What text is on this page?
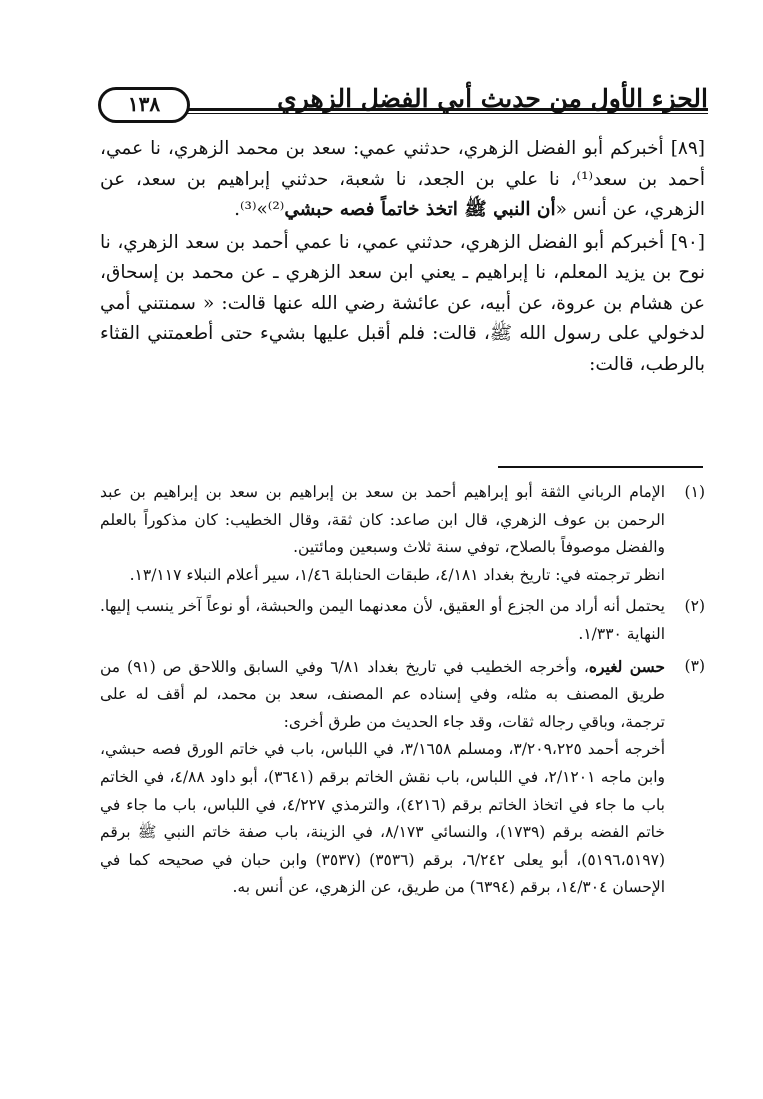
الجزء الأول من حديث أبي الفضل الزهري
١٣٨

[٨٩] أخبركم أبو الفضل الزهري، حدثني عمي: سعد بن محمد الزهري، نا عمي، أحمد بن سعد⁽¹⁾، نا علي بن الجعد، نا شعبة، حدثني إبراهيم بن سعد، عن الزهري، عن أنس «أن النبي ﷺ اتخذ خاتماً فصه حبشي⁽²⁾»⁽³⁾.

[٩٠] أخبركم أبو الفضل الزهري، حدثني عمي، نا عمي أحمد بن سعد الزهري، نا نوح بن يزيد المعلم، نا إبراهيم ـ يعني ابن سعد الزهري ـ عن محمد بن إسحاق، عن هشام بن عروة، عن أبيه، عن عائشة رضي الله عنها قالت: « سمنتني أمي لدخولي على رسول الله ﷺ، قالت: فلم أقبل عليها بشيء حتى أطعمتني القثاء بالرطب، قالت:

(١)
الإمام الرباني الثقة أبو إبراهيم أحمد بن سعد بن إبراهيم بن سعد بن إبراهيم بن عبد الرحمن بن عوف الزهري، قال ابن صاعد: كان ثقة، وقال الخطيب: كان مذكوراً بالعلم والفضل موصوفاً بالصلاح، توفي سنة ثلاث وسبعين ومائتين.
انظر ترجمته في: تاريخ بغداد ٤/١٨١، طبقات الحنابلة ١/٤٦، سير أعلام النبلاء ١٣/١١٧.
(٢)
يحتمل أنه أراد من الجزع أو العقيق، لأن معدنهما اليمن والحبشة، أو نوعاً آخر ينسب إليها. النهاية ١/٣٣٠.
(٣)
حسن لغيره، وأخرجه الخطيب في تاريخ بغداد ٦/٨١ وفي السابق واللاحق ص (٩١) من طريق المصنف به مثله، وفي إسناده عم المصنف، سعد بن محمد، لم أقف له على ترجمة، وباقي رجاله ثقات، وقد جاء الحديث من طرق أخرى:
أخرجه أحمد ٣/٢٠٩،٢٢٥، ومسلم ٣/١٦٥٨، في اللباس، باب في خاتم الورق فصه حبشي، وابن ماجه ٢/١٢٠١، في اللباس، باب نقش الخاتم برقم (٣٦٤١)، أبو داود ٤/٨٨، في الخاتم باب ما جاء في اتخاذ الخاتم برقم (٤٢١٦)، والترمذي ٤/٢٢٧، في اللباس، باب ما جاء في خاتم الفضه برقم (١٧٣٩)، والنسائي ٨/١٧٣، في الزينة، باب صفة خاتم النبي ﷺ برقم (٥١٩٦،٥١٩٧)، أبو يعلى ٦/٢٤٢، برقم (٣٥٣٦) (٣٥٣٧) وابن حبان في صحيحه كما في الإحسان ١٤/٣٠٤، برقم (٦٣٩٤) من طريق، عن الزهري، عن أنس به.
